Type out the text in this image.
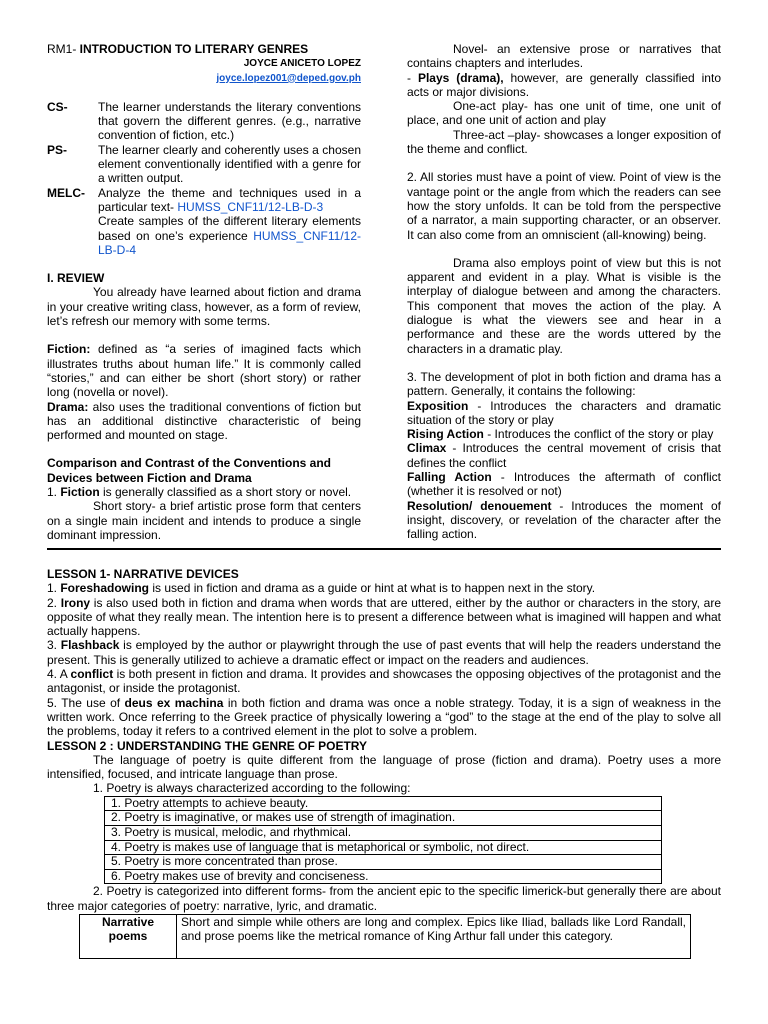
RM1- INTRODUCTION TO LITERARY GENRES

JOYCE ANICETO LOPEZ

joyce.lopez001@deped.gov.ph

CS-	The learner understands the literary conventions that govern the different genres. (e.g., narrative convention of fiction, etc.)
PS-	The learner clearly and coherently uses a chosen element conventionally identified with a genre for a written output.
MELC-	Analyze the theme and techniques used in a particular text- HUMSS_CNF11/12-LB-D-3
Create samples of the different literary elements based on one’s experience HUMSS_CNF11/12-LB-D-4

I. REVIEW

You already have learned about fiction and drama in your creative writing class, however, as a form of review, let’s refresh our memory with some terms.

Fiction: defined as “a series of imagined facts which illustrates truths about human life.” It is commonly called “stories,” and can either be short (short story) or rather long (novella or novel).

Drama: also uses the traditional conventions of fiction but has an additional distinctive characteristic of being performed and mounted on stage.

Comparison and Contrast of the Conventions and Devices between Fiction and Drama

1. Fiction is generally classified as a short story or novel.

Short story- a brief artistic prose form that centers on a single main incident and intends to produce a single dominant impression.

Novel- an extensive prose or narratives that contains chapters and interludes.

- Plays (drama), however, are generally classified into acts or major divisions.

One-act play- has one unit of time, one unit of place, and one unit of action and play

Three-act –play- showcases a longer exposition of the theme and conflict.

2. All stories must have a point of view. Point of view is the vantage point or the angle from which the readers can see how the story unfolds. It can be told from the perspective of a narrator, a main supporting character, or an observer. It can also come from an omniscient (all-knowing) being.

Drama also employs point of view but this is not apparent and evident in a play. What is visible is the interplay of dialogue between and among the characters. This component that moves the action of the play. A dialogue is what the viewers see and hear in a performance and these are the words uttered by the characters in a dramatic play.

3. The development of plot in both fiction and drama has a pattern. Generally, it contains the following:

Exposition - Introduces the characters and dramatic situation of the story or play

Rising Action - Introduces the conflict of the story or play

Climax - Introduces the central movement of crisis that defines the conflict

Falling Action - Introduces the aftermath of conflict (whether it is resolved or not)

Resolution/ denouement - Introduces the moment of insight, discovery, or revelation of the character after the falling action.

LESSON 1- NARRATIVE DEVICES

1. Foreshadowing is used in fiction and drama as a guide or hint at what is to happen next in the story.

2. Irony is also used both in fiction and drama when words that are uttered, either by the author or characters in the story, are opposite of what they really mean. The intention here is to present a difference between what is imagined will happen and what actually happens.

3. Flashback is employed by the author or playwright through the use of past events that will help the readers understand the present. This is generally utilized to achieve a dramatic effect or impact on the readers and audiences.

4. A conflict is both present in fiction and drama. It provides and showcases the opposing objectives of the protagonist and the antagonist, or inside the protagonist.

5. The use of deus ex machina in both fiction and drama was once a noble strategy. Today, it is a sign of weakness in the written work. Once referring to the Greek practice of physically lowering a “god” to the stage at the end of the play to solve all the problems, today it refers to a contrived element in the plot to solve a problem.

LESSON 2 : UNDERSTANDING THE GENRE OF POETRY

The language of poetry is quite different from the language of prose (fiction and drama). Poetry uses a more intensified, focused, and intricate language than prose.

1. Poetry is always characterized according to the following:

1. Poetry attempts to achieve beauty.
2. Poetry is imaginative, or makes use of strength of imagination.
3. Poetry is musical, melodic, and rhythmical.
4. Poetry is makes use of language that is metaphorical or symbolic, not direct.
5. Poetry is more concentrated than prose.
6. Poetry makes use of brevity and conciseness.

2. Poetry is categorized into different forms- from the ancient epic to the specific limerick-but generally there are about three major categories of poetry: narrative, lyric, and dramatic.

Narrative poems	Short and simple while others are long and complex. Epics like Iliad, ballads like Lord Randall, and prose poems like the metrical romance of King Arthur fall under this category.
